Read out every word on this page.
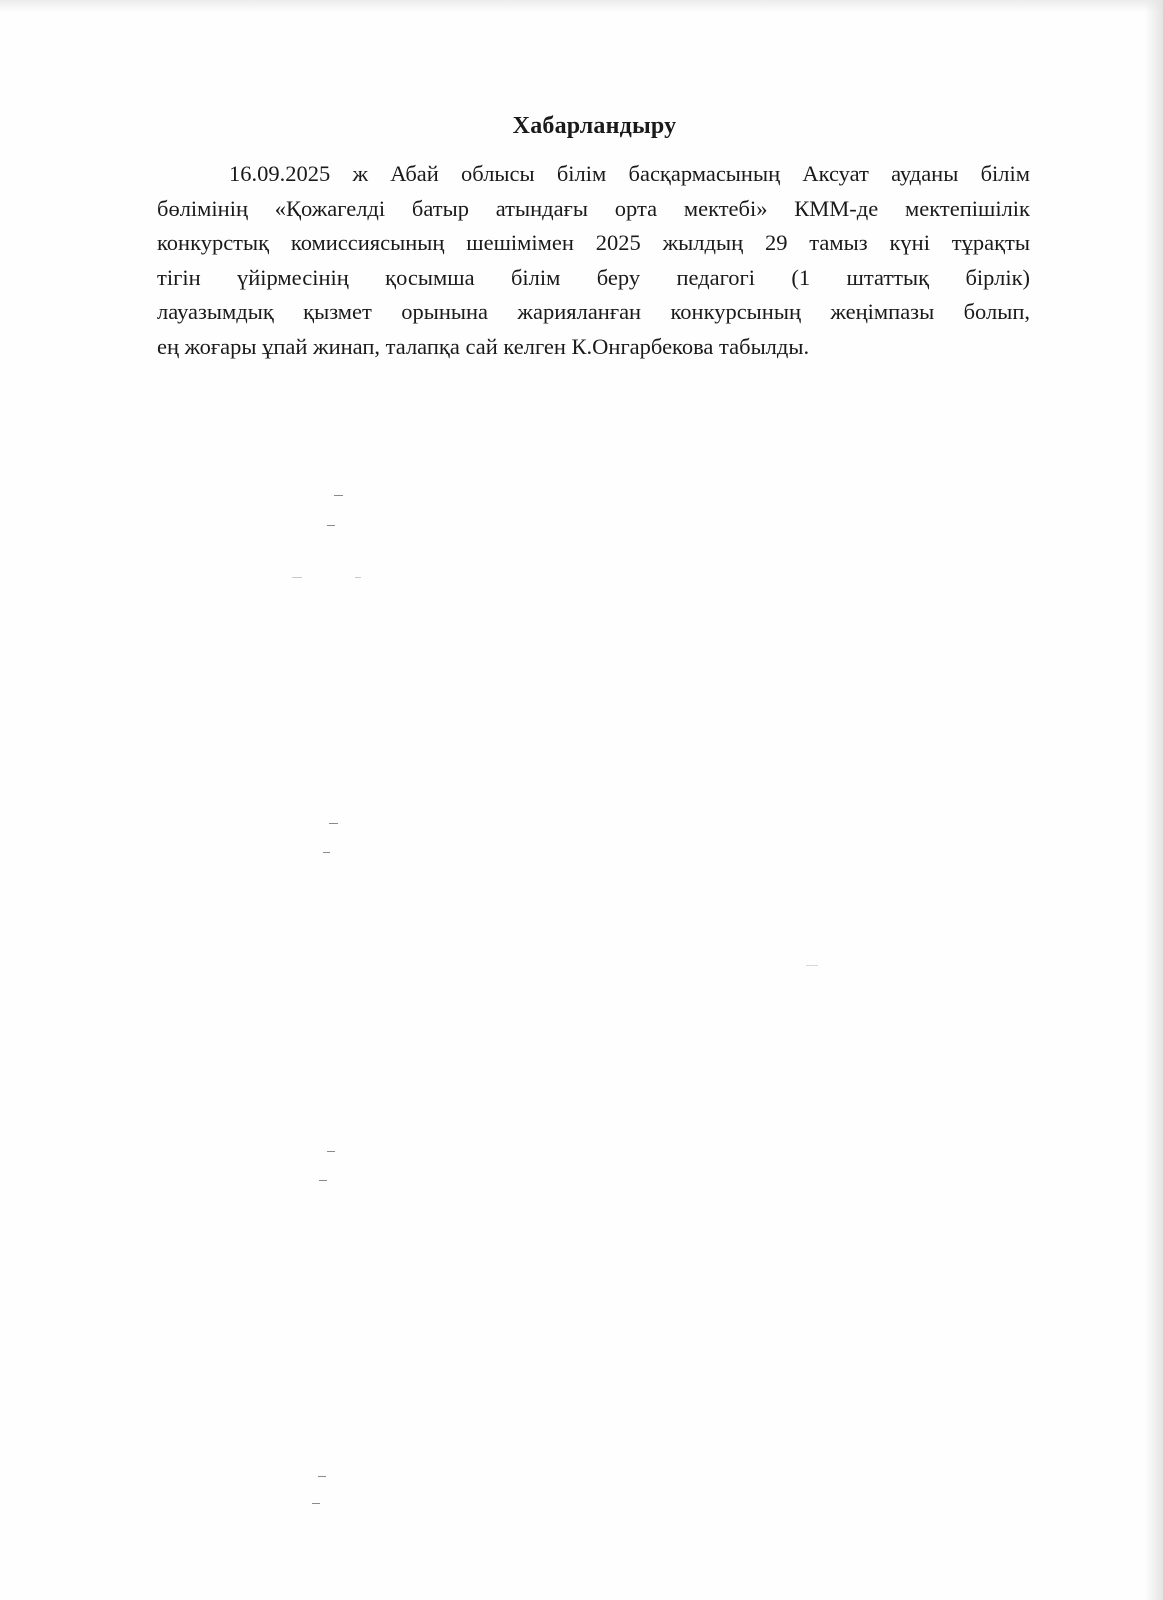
Хабарландыру
16.09.2025 ж Абай облысы білім басқармасының Аксуат ауданы білім
бөлімінің «Қожагелді батыр атындағы орта мектебі» КММ-де мектепішілік
конкурстық комиссиясының шешімімен 2025 жылдың 29 тамыз күні тұрақты
тігін үйірмесінің қосымша білім беру педагогі (1 штаттық бірлік)
лауазымдық қызмет орынына жарияланған конкурсының жеңімпазы болып,
ең жоғары ұпай жинап, талапқа сай келген К.Онгарбекова табылды.
